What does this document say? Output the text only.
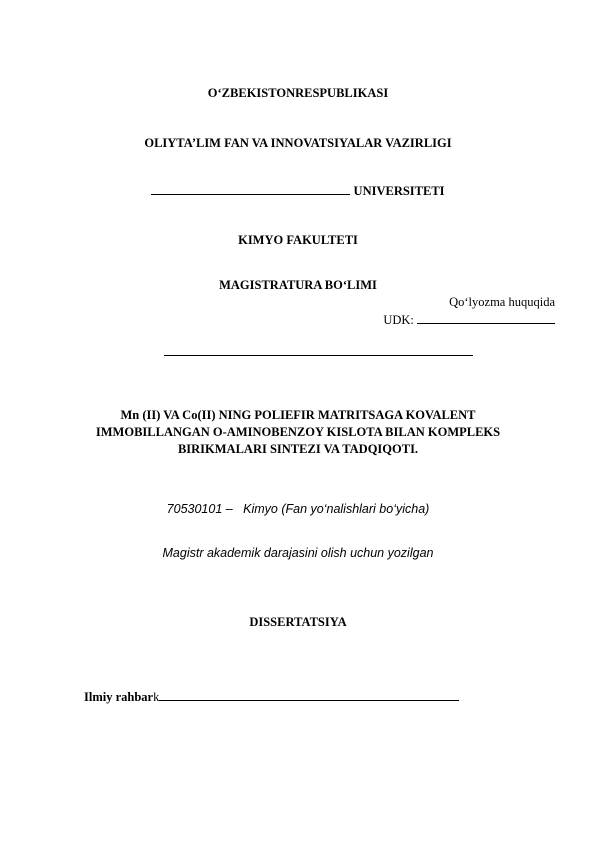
O‘ZBEKISTONRESPUBLIKASI
OLIYTA’LIM FAN VA INNOVATSIYALAR VAZIRLIGI
UNIVERSITETI
KIMYO FAKULTETI
MAGISTRATURA BO‘LIMI
Qo‘lyozma huquqida
UDK:
Mn (II) VA Co(II) NING POLIEFIR MATRITSAGA KOVALENT
IMMOBILLANGAN O-AMINOBENZOY KISLOTA BILAN KOMPLEKS
BIRIKMALARI SINTEZI VA TADQIQOTI.
70530101 –   Kimyo (Fan yo‘nalishlari bo‘yicha)
Magistr akademik darajasini olish uchun yozilgan
DISSERTATSIYA
Ilmiy rahbark
